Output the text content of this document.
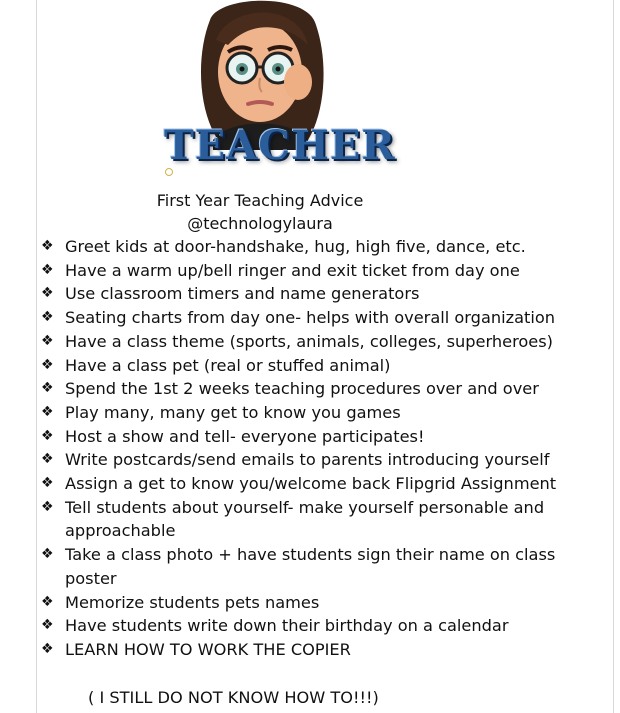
TEACHER
First Year Teaching Advice
@technologylaura
❖ Greet kids at door-handshake, hug, high five, dance, etc.
❖ Have a warm up/bell ringer and exit ticket from day one
❖ Use classroom timers and name generators
❖ Seating charts from day one- helps with overall organization
❖ Have a class theme (sports, animals, colleges, superheroes)
❖ Have a class pet (real or stuffed animal)
❖ Spend the 1st 2 weeks teaching procedures over and over
❖ Play many, many get to know you games
❖ Host a show and tell- everyone participates!
❖ Write postcards/send emails to parents introducing yourself
❖ Assign a get to know you/welcome back Flipgrid Assignment
❖ Tell students about yourself- make yourself personable and approachable
❖ Take a class photo + have students sign their name on class poster
❖ Memorize students pets names
❖ Have students write down their birthday on a calendar
❖ LEARN HOW TO WORK THE COPIER
( I STILL DO NOT KNOW HOW TO!!!)
